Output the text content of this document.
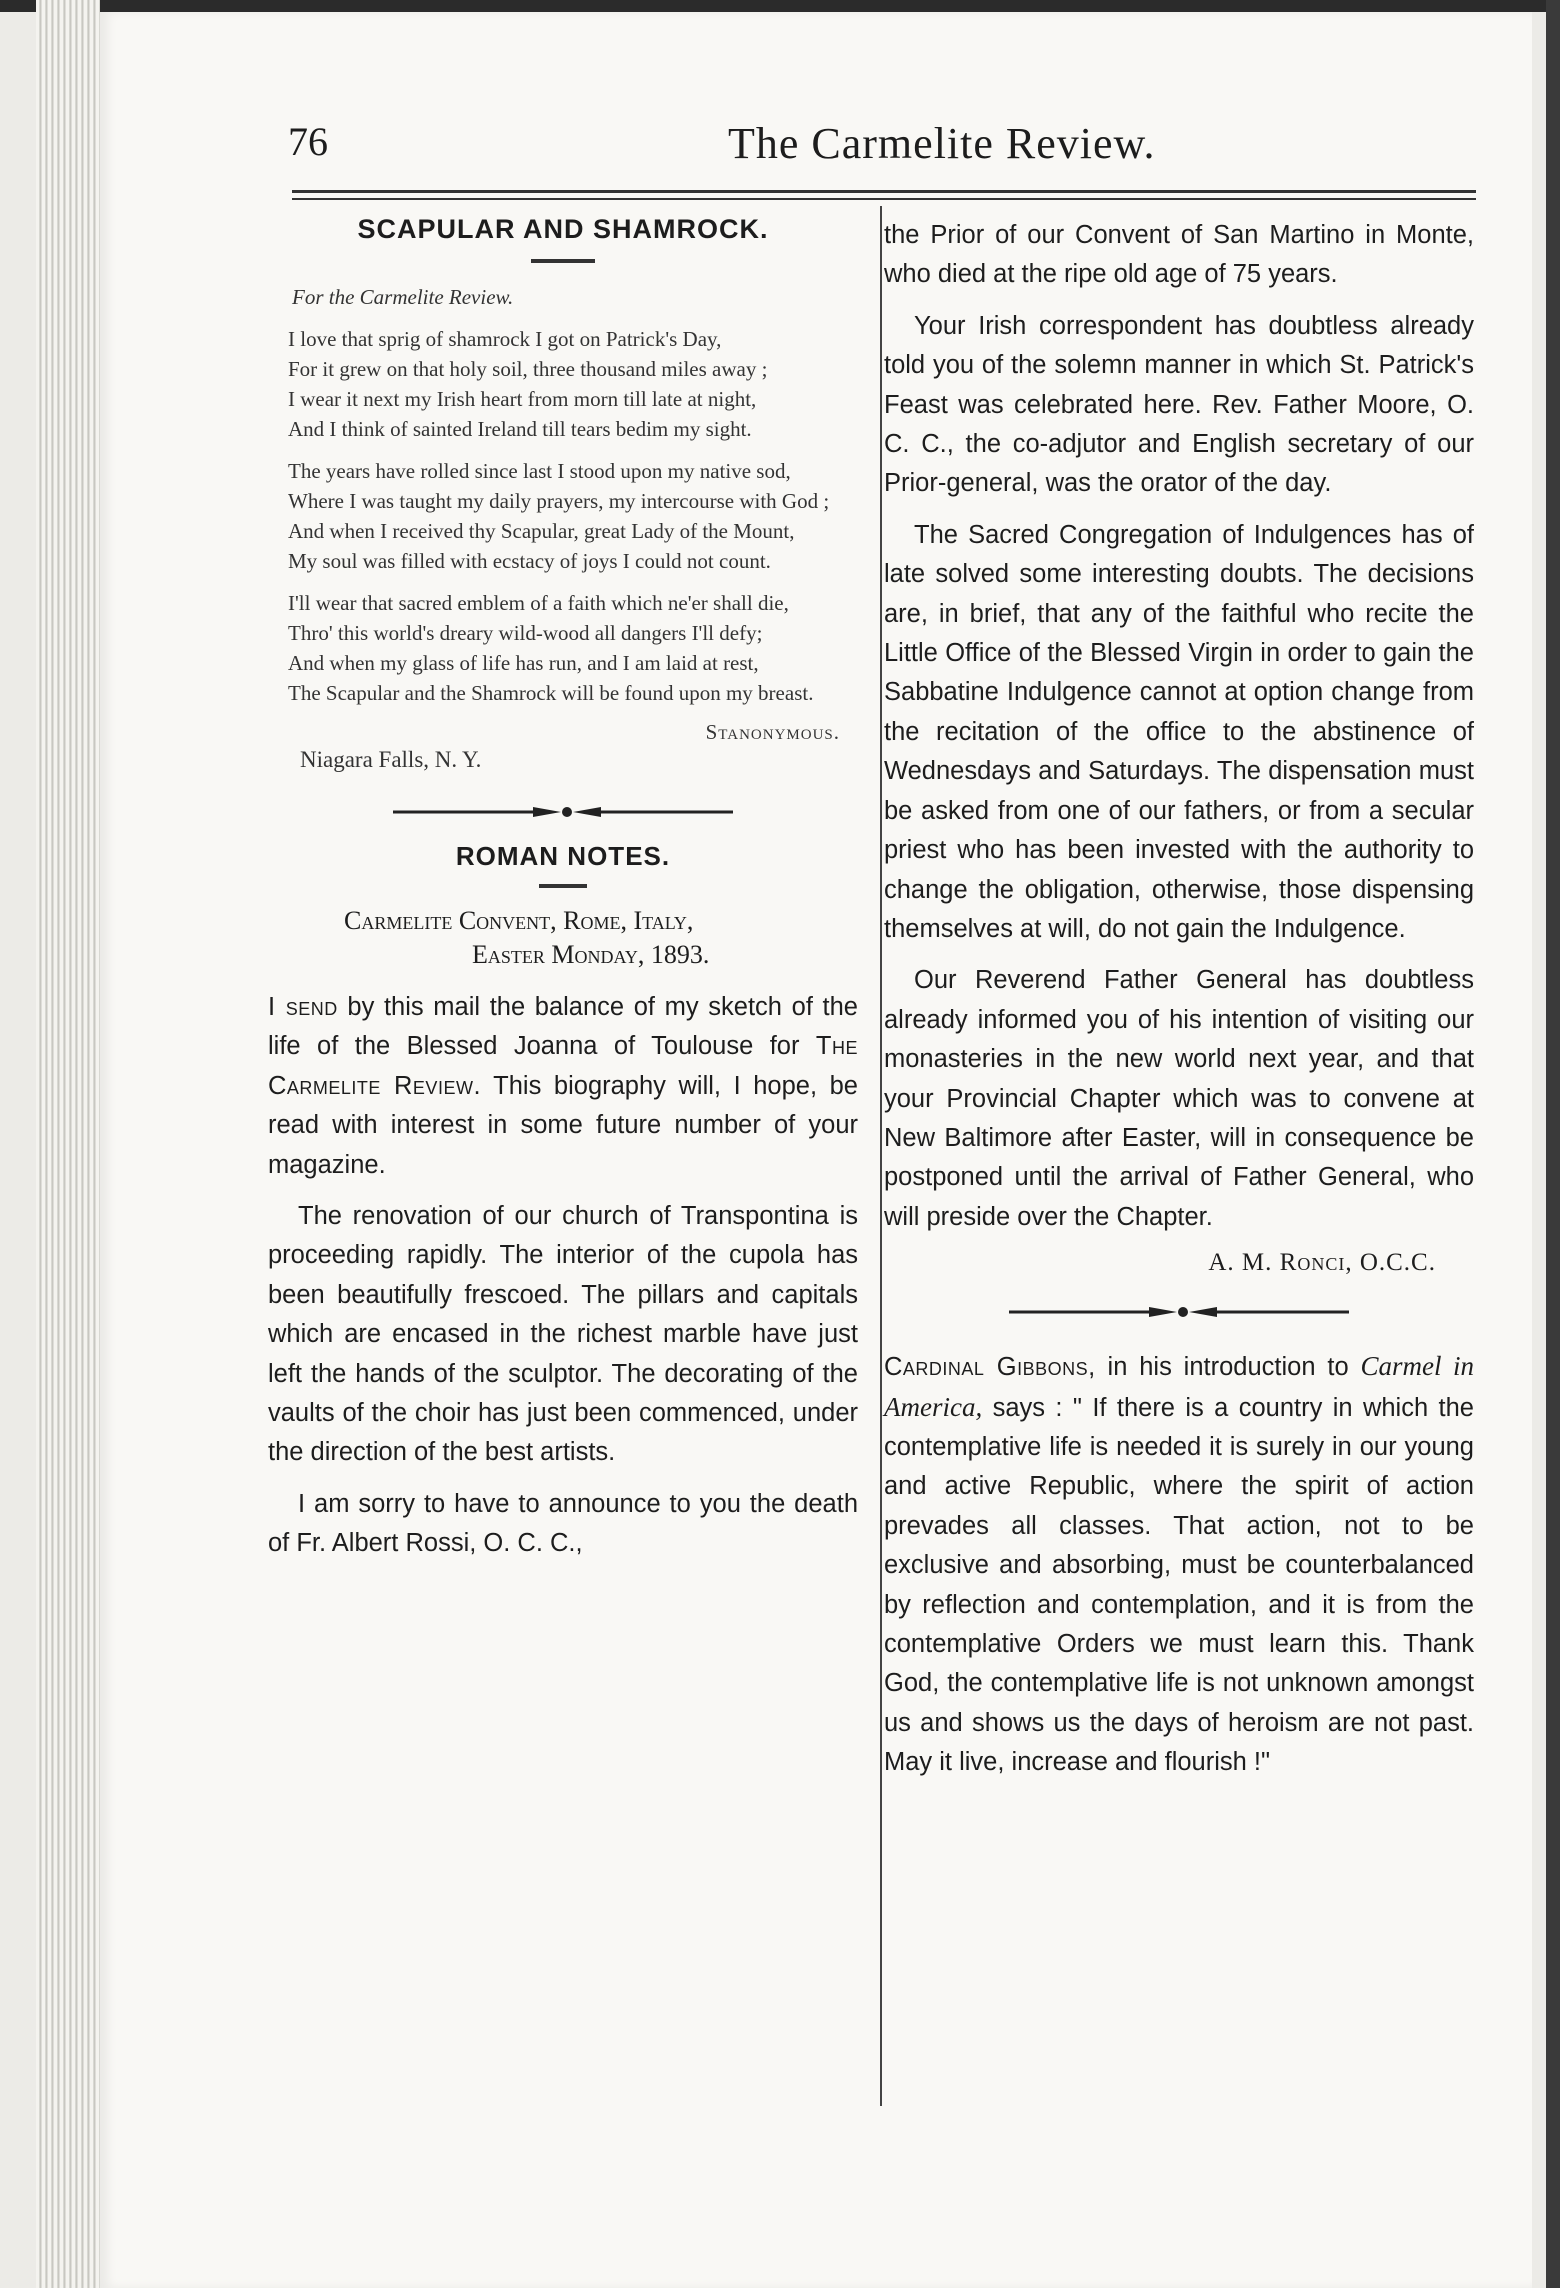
76	The Carmelite Review.
SCAPULAR AND SHAMROCK.
For the Carmelite Review.
I love that sprig of shamrock I got on Patrick's Day,
For it grew on that holy soil, three thousand miles away ;
I wear it next my Irish heart from morn till late at night,
And I think of sainted Ireland till tears bedim my sight.
The years have rolled since last I stood upon my native sod,
Where I was taught my daily prayers, my intercourse with God ;
And when I received thy Scapular, great Lady of the Mount,
My soul was filled with ecstacy of joys I could not count.
I'll wear that sacred emblem of a faith which ne'er shall die,
Thro' this world's dreary wild-wood all dangers I'll defy;
And when my glass of life has run, and I am laid at rest,
The Scapular and the Shamrock will be found upon my breast.
Stanonymous.
Niagara Falls, N. Y.
ROMAN NOTES.
Carmelite Convent, Rome, Italy,
Easter Monday, 1893.

I send by this mail the balance of my sketch of the life of the Blessed Joanna of Toulouse for The Carmelite Review. This biography will, I hope, be read with interest in some future number of your magazine.

The renovation of our church of Transpontina is proceeding rapidly. The interior of the cupola has been beautifully frescoed. The pillars and capitals which are encased in the richest marble have just left the hands of the sculptor. The decorating of the vaults of the choir has just been commenced, under the direction of the best artists.

I am sorry to have to announce to you the death of Fr. Albert Rossi, O. C. C.,

the Prior of our Convent of San Martino in Monte, who died at the ripe old age of 75 years.

Your Irish correspondent has doubtless already told you of the solemn manner in which St. Patrick's Feast was celebrated here. Rev. Father Moore, O. C. C., the co-adjutor and English secretary of our Prior-general, was the orator of the day.

The Sacred Congregation of Indulgences has of late solved some interesting doubts. The decisions are, in brief, that any of the faithful who recite the Little Office of the Blessed Virgin in order to gain the Sabbatine Indulgence cannot at option change from the recitation of the office to the abstinence of Wednesdays and Saturdays. The dispensation must be asked from one of our fathers, or from a secular priest who has been invested with the authority to change the obligation, otherwise, those dispensing themselves at will, do not gain the Indulgence.

Our Reverend Father General has doubtless already informed you of his intention of visiting our monasteries in the new world next year, and that your Provincial Chapter which was to convene at New Baltimore after Easter, will in consequence be postponed until the arrival of Father General, who will preside over the Chapter.

A. M. Ronci, O.C.C.

Cardinal Gibbons, in his introduction to Carmel in America, says : " If there is a country in which the contemplative life is needed it is surely in our young and active Republic, where the spirit of action prevades all classes. That action, not to be exclusive and absorbing, must be counterbalanced by reflection and contemplation, and it is from the contemplative Orders we must learn this. Thank God, the contemplative life is not unknown amongst us and shows us the days of heroism are not past. May it live, increase and flourish !"
